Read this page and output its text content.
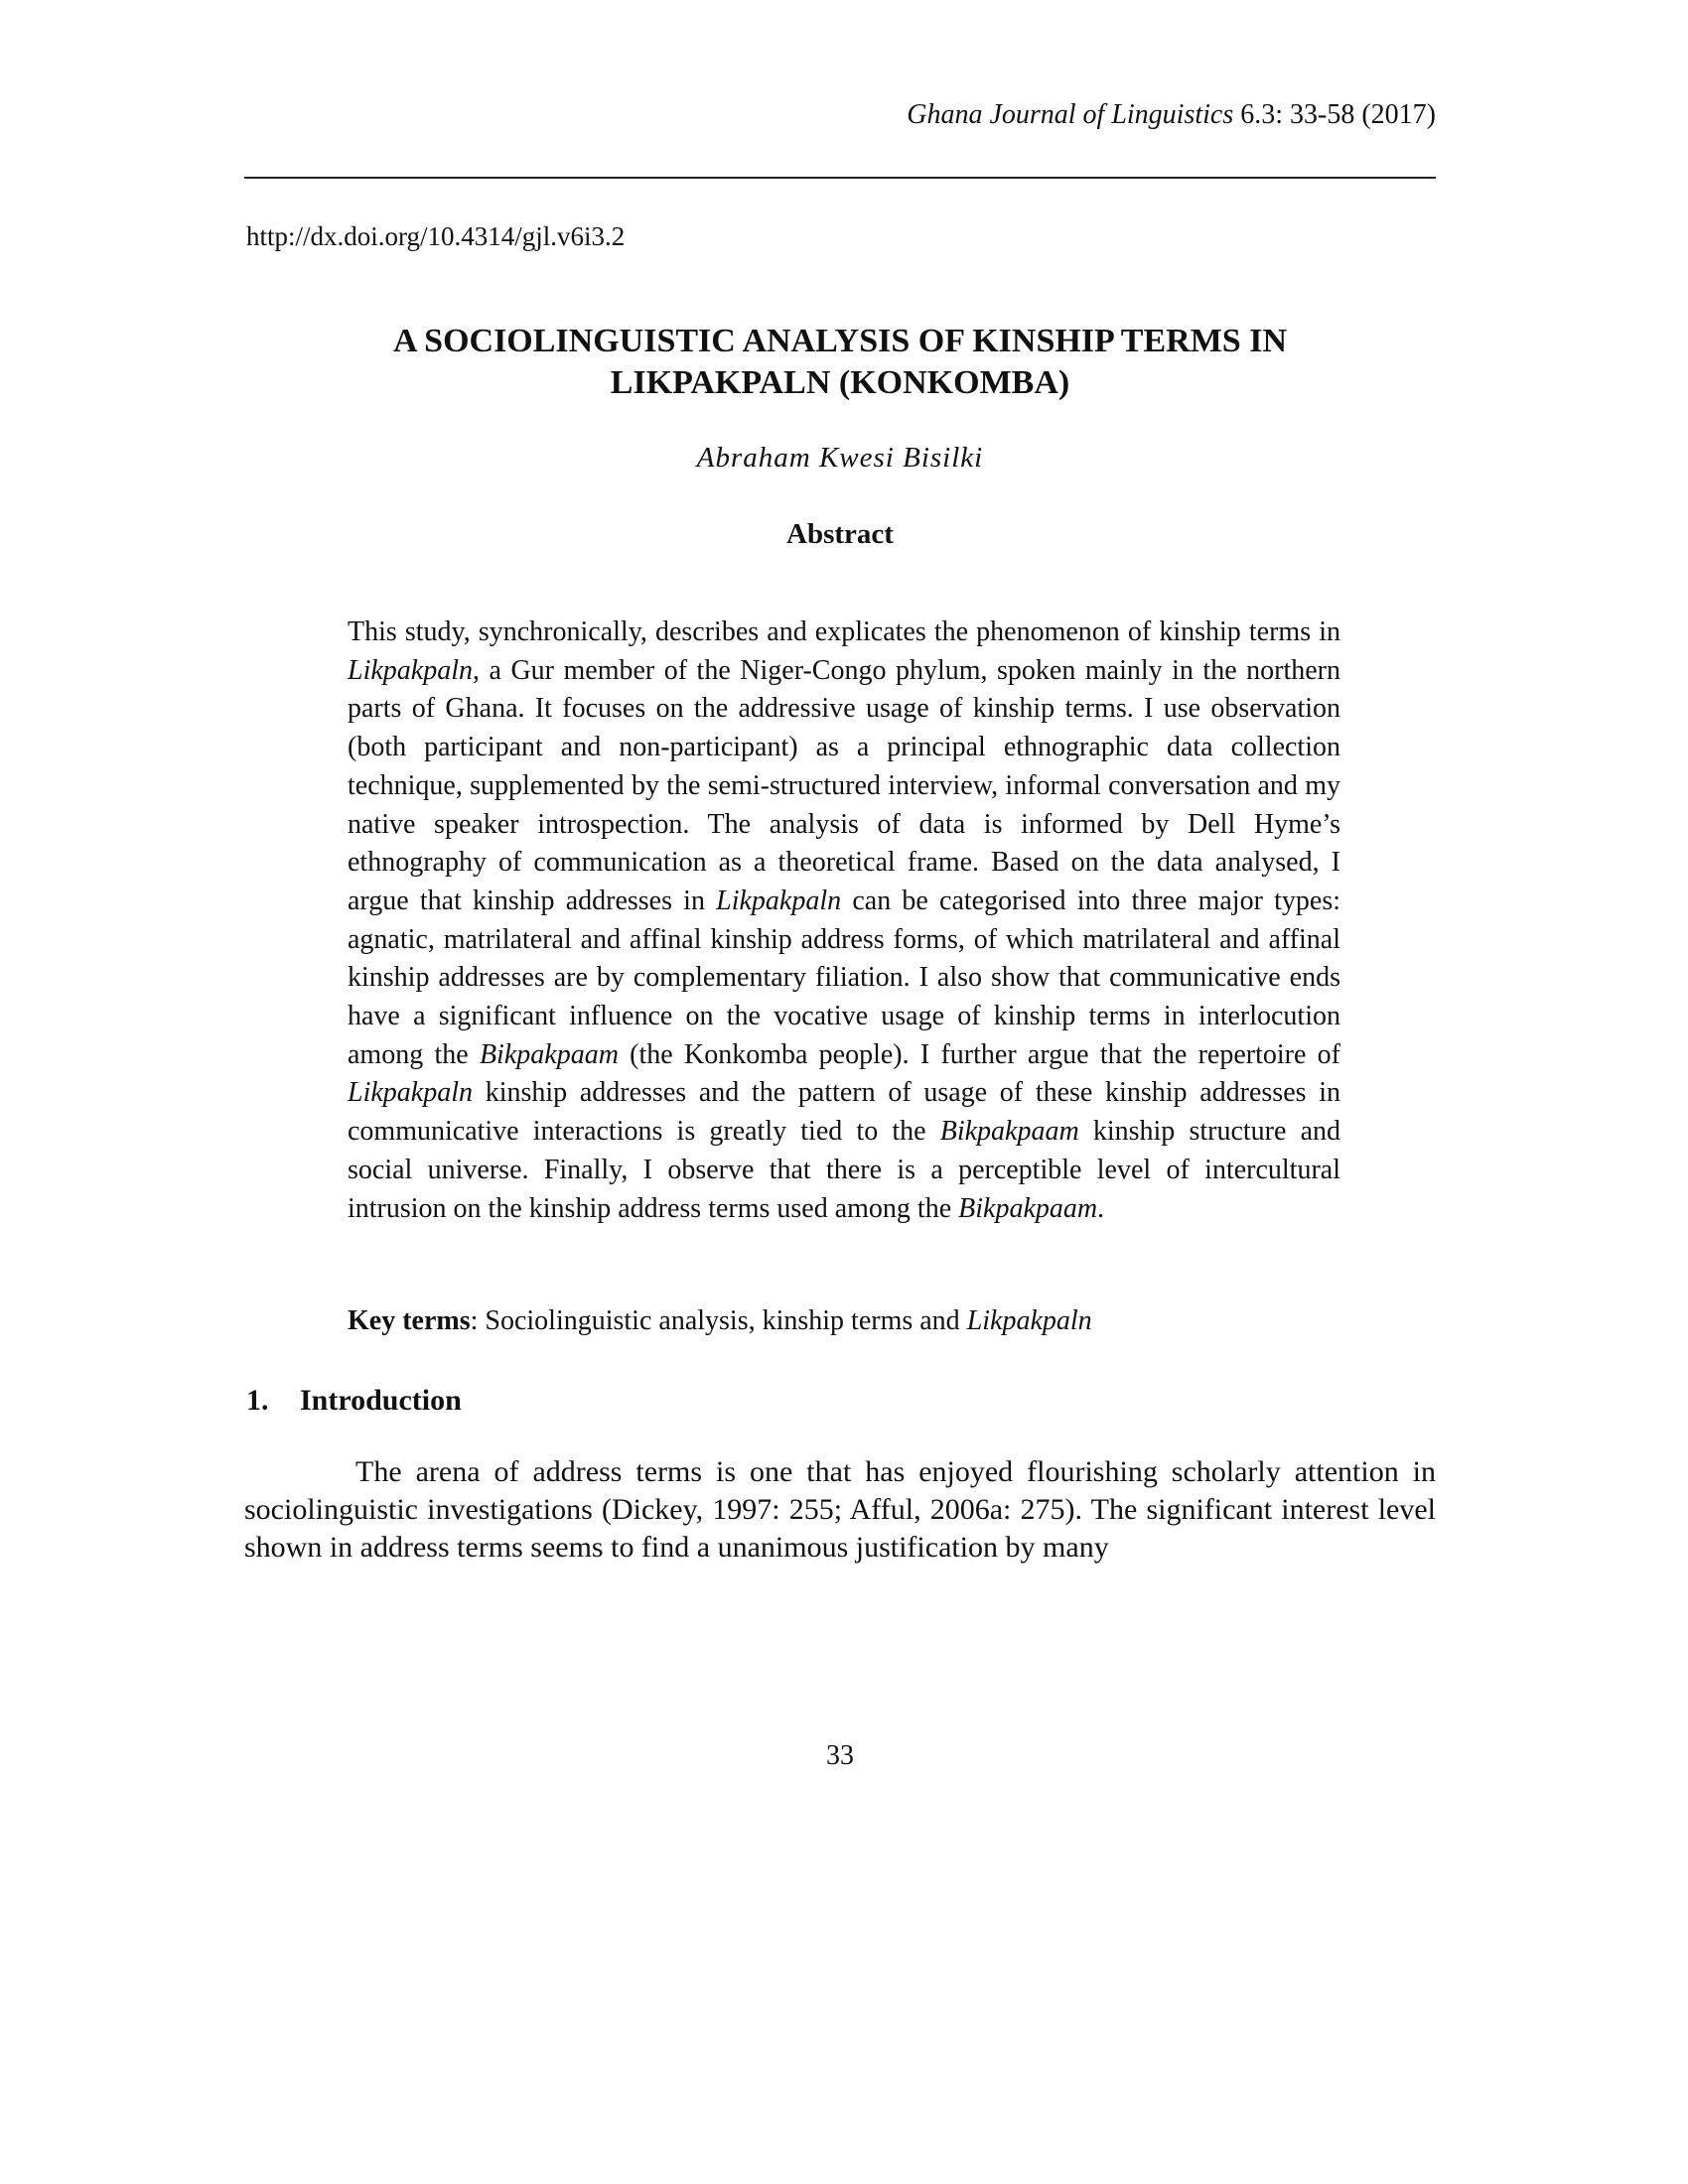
Ghana Journal of Linguistics 6.3: 33-58 (2017)
http://dx.doi.org/10.4314/gjl.v6i3.2
A SOCIOLINGUISTIC ANALYSIS OF KINSHIP TERMS IN
LIKPAKPALN (KONKOMBA)
Abraham Kwesi Bisilki
Abstract

This study, synchronically, describes and explicates the phenomenon of kinship terms in Likpakpaln, a Gur member of the Niger-Congo phylum, spoken mainly in the northern parts of Ghana. It focuses on the addressive usage of kinship terms. I use observation (both participant and non-participant) as a principal ethnographic data collection technique, supplemented by the semi-structured interview, informal conversation and my native speaker introspection. The analysis of data is informed by Dell Hyme’s ethnography of communication as a theoretical frame. Based on the data analysed, I argue that kinship addresses in Likpakpaln can be categorised into three major types: agnatic, matrilateral and affinal kinship address forms, of which matrilateral and affinal kinship addresses are by complementary filiation. I also show that communicative ends have a significant influence on the vocative usage of kinship terms in interlocution among the Bikpakpaam (the Konkomba people). I further argue that the repertoire of Likpakpaln kinship addresses and the pattern of usage of these kinship addresses in communicative interactions is greatly tied to the Bikpakpaam kinship structure and social universe. Finally, I observe that there is a perceptible level of intercultural intrusion on the kinship address terms used among the Bikpakpaam.

Key terms: Sociolinguistic analysis, kinship terms and Likpakpaln

1. Introduction

The arena of address terms is one that has enjoyed flourishing scholarly attention in sociolinguistic investigations (Dickey, 1997: 255; Afful, 2006a: 275). The significant interest level shown in address terms seems to find a unanimous justification by many

33
